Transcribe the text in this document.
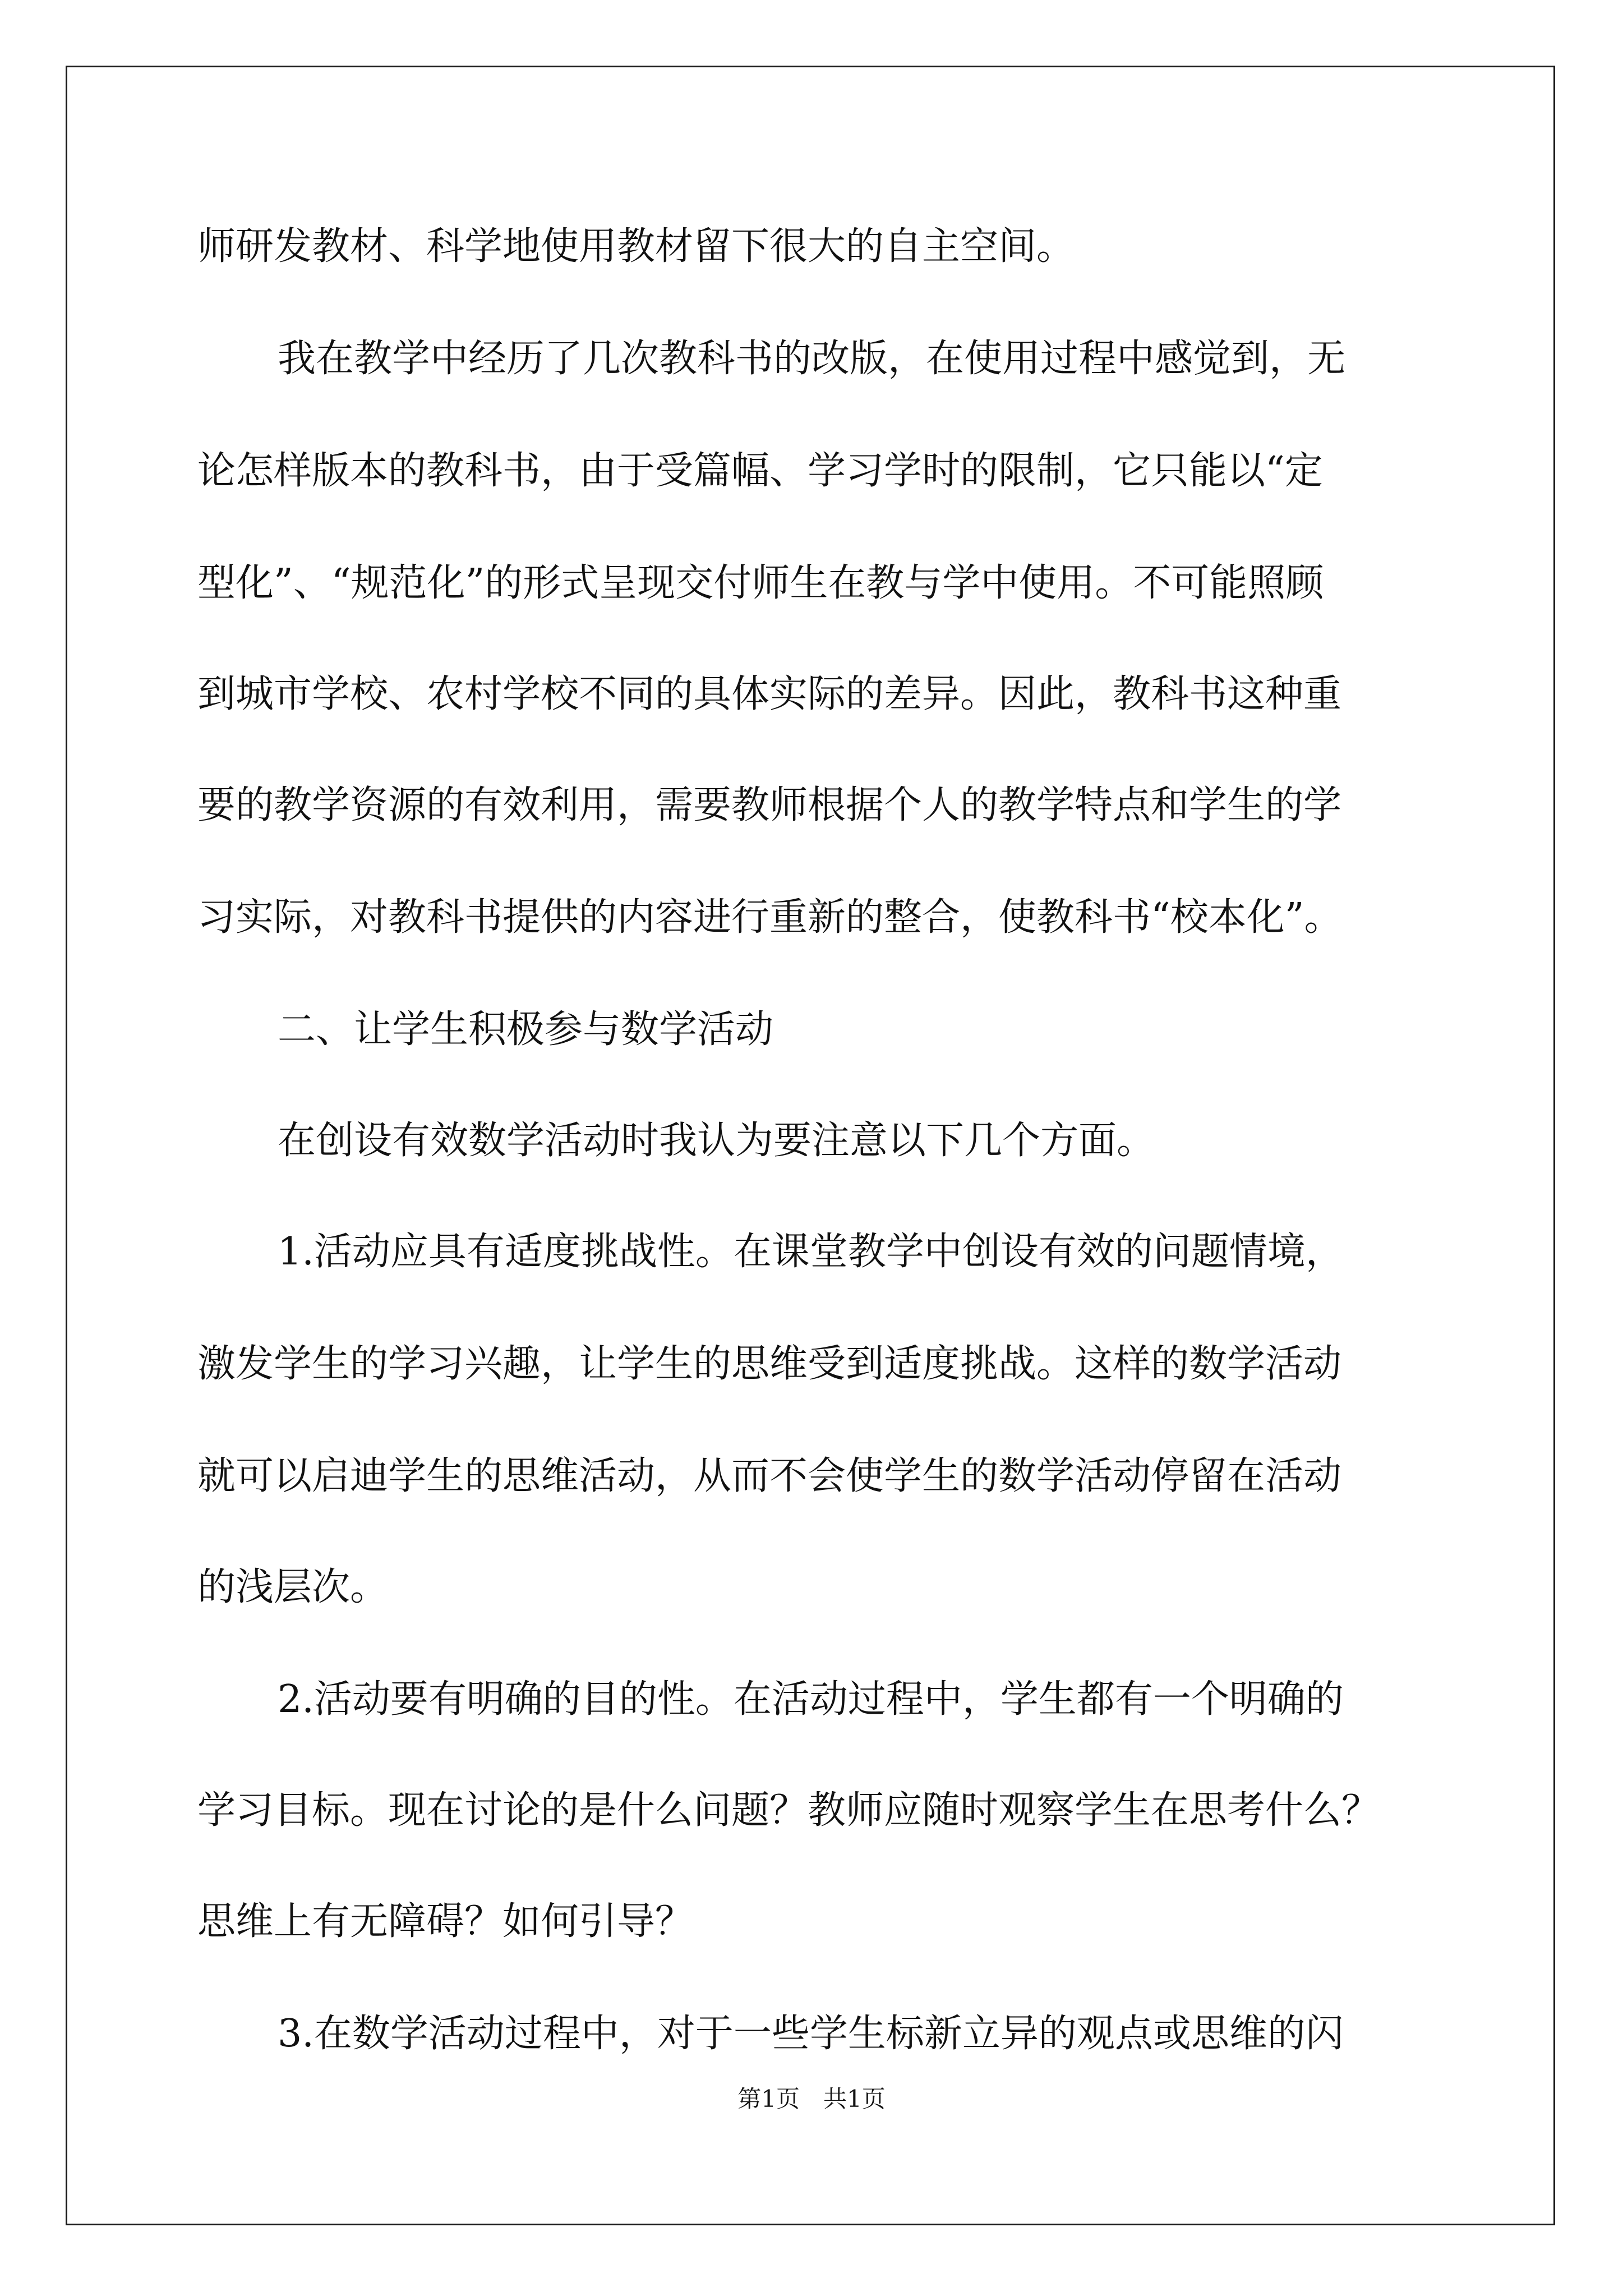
师研发教材、科学地使用教材留下很大的自主空间。
我在教学中经历了几次教科书的改版，在使用过程中感觉到，无
论怎样版本的教科书，由于受篇幅、学习学时的限制，它只能以“定
型化”、“规范化”的形式呈现交付师生在教与学中使用。不可能照顾
到城市学校、农村学校不同的具体实际的差异。因此，教科书这种重
要的教学资源的有效利用，需要教师根据个人的教学特点和学生的学
习实际，对教科书提供的内容进行重新的整合，使教科书“校本化”。
二、让学生积极参与数学活动
在创设有效数学活动时我认为要注意以下几个方面。
1.活动应具有适度挑战性。在课堂教学中创设有效的问题情境，
激发学生的学习兴趣，让学生的思维受到适度挑战。这样的数学活动
就可以启迪学生的思维活动，从而不会使学生的数学活动停留在活动
的浅层次。
2.活动要有明确的目的性。在活动过程中，学生都有一个明确的
学习目标。现在讨论的是什么问题？教师应随时观察学生在思考什么？
思维上有无障碍？如何引导？
3.在数学活动过程中，对于一些学生标新立异的观点或思维的闪
第1页　共1页
